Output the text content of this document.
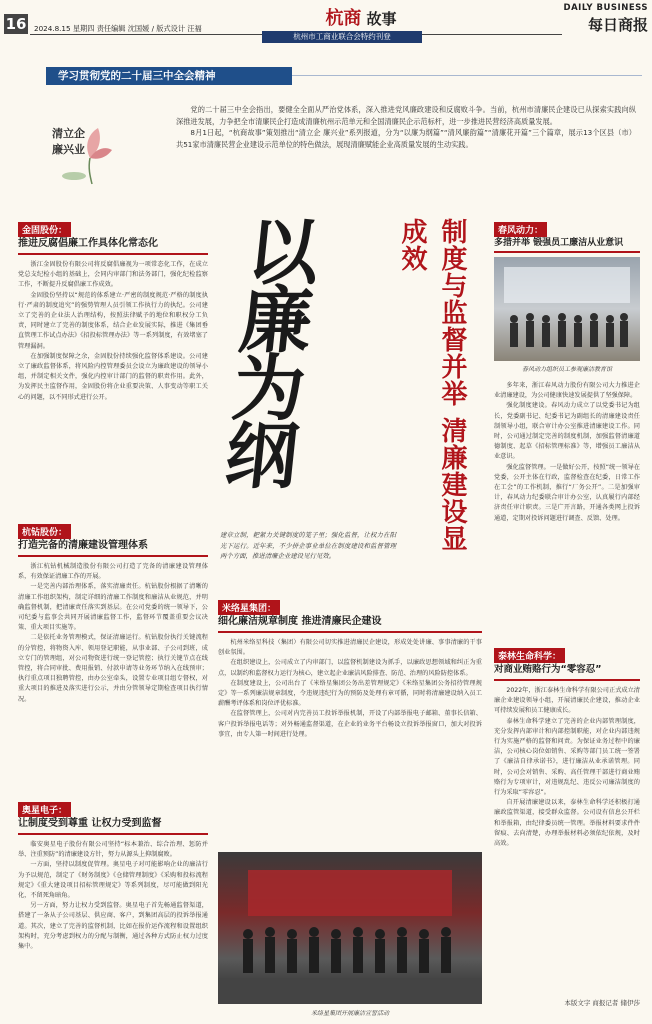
16 2024.8.15 星期四 责任编辑 沈国媛 / 版式设计 汪福	杭商 故事
杭州市工商业联合会特约刊登
DAILY BUSINESS
每日商报
学习贯彻党的二十届三中全会精神
清立企 廉兴业

党的二十届三中全会指出，要健全全面从严治党体系，深入推进党风廉政建设和反腐败斗争。当前，杭州市清廉民企建设已从探索实践向纵深推进发展，力争把全市清廉民企打造成清廉杭州示范单元和全国清廉民企示范标杆，进一步推进民营经济高质量发展。

8月1日起，“杭商故事”策划推出“清立企 廉兴业”系列报道，分为“以廉为纲篇”“清风廉韵篇”“清廉花开篇”三个篇章，展示13个区县（市）共51家市清廉民营企业建设示范单位的特色做法，展现清廉赋能企业高质量发展的生动实践。

金固股份：
推进反腐倡廉工作具体化常态化

浙江金固股份有限公司将反腐倡廉视为一项常态化工作，在成立党总支纪检小组的基础上，会同内审部门和法务部门，强化纪检监察工作，不断提升反腐倡廉工作成效。

金固股份坚持以“规范的体系建立·严密的制度规范·严格的制度执行·严肃的制度追究”的强势管理人员引领工作执行力的执纪。公司建立了完善的企业法人治理结构，按照法律赋予的地位和职权分工负责，同时建立了完善的制度体系，结合企业发展实际，推进《集团垂直管理工作试点办法》《招投标管理办法》等一系列制度，有效堵塞了管理漏洞。

在加强制度保障之余，金固股份持续强化监督体系建设。公司建立了廉政监督体系，将风险内控管理委员会设立为廉政建设的领导小组，并制定相关文件，强化内控审计部门的监督的职责作用。此外，为发挥民主监督作用，金固股份将企业重要决策、人事变动等职工关心的问题，以不同形式进行公开。

杭钻股份：
打造完备的清廉建设管理体系

浙江杭钻机械制造股份有限公司打造了完备的清廉建设管理体系，有效保证清廉工作的开展。

一是完善内部治理体系，落实清廉责任。杭钻股份根据了清晰的清廉工作组织架构，制定详细的清廉工作制度和廉洁从业规范，并明确监督机制，把清廉责任落实到基层。在公司党委的统一领导下，公司纪委与监事会共同开展清廉监督工作，监督环节覆盖重要会议决策、重大项目实施等。

二是依托业务管理模式，保证清廉运行。杭钻股份执行关键流程的分管控，将物资入库、领用登记职能，从事业部、子公司到班，成立专门的管理组，对公司物资进行统一登记管控；执行关键节点在线管控，将合同审批、费用报销、付款申请等业务环节纳入在线预审；执行重点项目独聘管控，由办公室牵头，设置专业项目组专督权，对重大项目的推进及落实进行公示，并由分管领导定期检查项目执行情况。

奥星电子：
让制度受到尊重 让权力受到监督

临安奥星电子股份有限公司坚持“标本兼治、综合治理、惩防并举、注重预防”的清廉建设方针，努力从源头上抑制腐败。

一方面，坚持以制度促管理。奥星电子对可能影响企业的廉洁行为予以规范，制定了《财务制度》《仓储管理制度》《采购和投标流程规定》《重大建设项目招标管理规定》等系列制度，尽可能做到阳光化，不留死角暗角。

另一方面，努力让权力受到监督。奥星电子首先畅通监督渠道，搭建了一条从子公司基层、供应商、客户，到集团高层的投诉举报通道。其次，建立了完善的监督机制，比如在报价运作流程和设置组织架构时，充分考虑到权力的分配与制衡，通过各种方式防止权力过度集中。

以廉为纲	制度与监督并举 清廉建设显成效
建章立制，耙紧力关键制度的笼子里；强化监督，让权力在阳光下运行。近年来，不少拼企事业单位在制度建设和监督管理两个方面，推进清廉企业建设见行见效。
米络星集团：
细化廉洁规章制度 推进清廉民企建设

杭州米络星科技（集团）有限公司切实推进清廉民企建设，形成处处讲廉、事事清廉的干事创业氛围。

在组织建设上，公司成立了内审部门，以监督机制建设为抓手，以廉政思想领域和纠正为重点，以制约和监督权力运行为核心，建立起企业廉洁风险排查、防范、治理的风险防控体系。

在制度建设上，公司出台了《米络星集团公务出差管理规定》《米络星集团公务招待管理规定》等一系列廉洁规章制度，令违规违纪行为的预防及处理有章可循，同时将清廉建设纳入员工薪酬考评体系和岗位评优标准。

在监督管理上，公司对内完善员工投诉举报机制，开设了内部举报电子邮箱、董事长信箱、客户投诉举报电话等；对外畅通监督渠道，在企业的业务平台畅设立投诉举报窗口，加大对投诉事宜，由专人第一时间进行处理。

米络星集团开展廉洁宣誓活动
春风动力：
多措并举 锻强员工廉洁从业意识
春风动力组织员工参观廉洁教育馆

多年来，浙江春风动力股份有限公司大力推进企业清廉建设，为公司健康快速发展提供了坚强保障。

强化制度建设。春风动力成立了以党委书记为组长，党委副书记、纪委书记为副组长的清廉建设责任制领导小组，联合审计办公室推进清廉建设工作。同时，公司通过制定完善的制度机制，加强监督清廉道德制度、起草《招标管理标准》等，增强员工廉洁从业意识。

强化监督管理。一是做好公开，按照“统一领导在党委，公开主体在行政，监督检查在纪委，日常工作在工会”的工作机制，推行“厂务公开”。二是加强审计，春风动力纪委联合审计办公室，认真履行内部经济责任审计职责。三是广开言路，开通各类网上投诉通道，定期对投诉问题进行调查、反馈、处理。

泰林生命科学：
对商业贿赂行为“零容忍”

2022年，浙江泰林生命科学有限公司正式成立清廉企业建设领导小组，开展清廉民企建设，推动企业可持续发展和员工健康成长。

泰林生命科学建立了完善的企业内部管理制度，充分发挥内部审计和内部控制职能，对企业内部违规行为实施严格的监督和问责。为保证业务过程中的廉洁，公司核心岗位如销售、采购等部门员工统一签署了《廉洁自律承诺书》，进行廉洁从业承诺管理。同时，公司会对销售、采购、高任管理干部进行商业贿赂行为专项审计，对违规乱纪、违反公司廉洁制度的行为采取“零容忍”。

自开展清廉建设以来，泰林生命科学还积极打通廉政监管渠道，接受群众监督。公司设有信息公开栏和举报箱，由纪律委员统一管理。举报材料要求件件留痕、去向清楚，办理举报材料必须依纪依规，及时高效。

本版文字 商报记者 储伊莎
